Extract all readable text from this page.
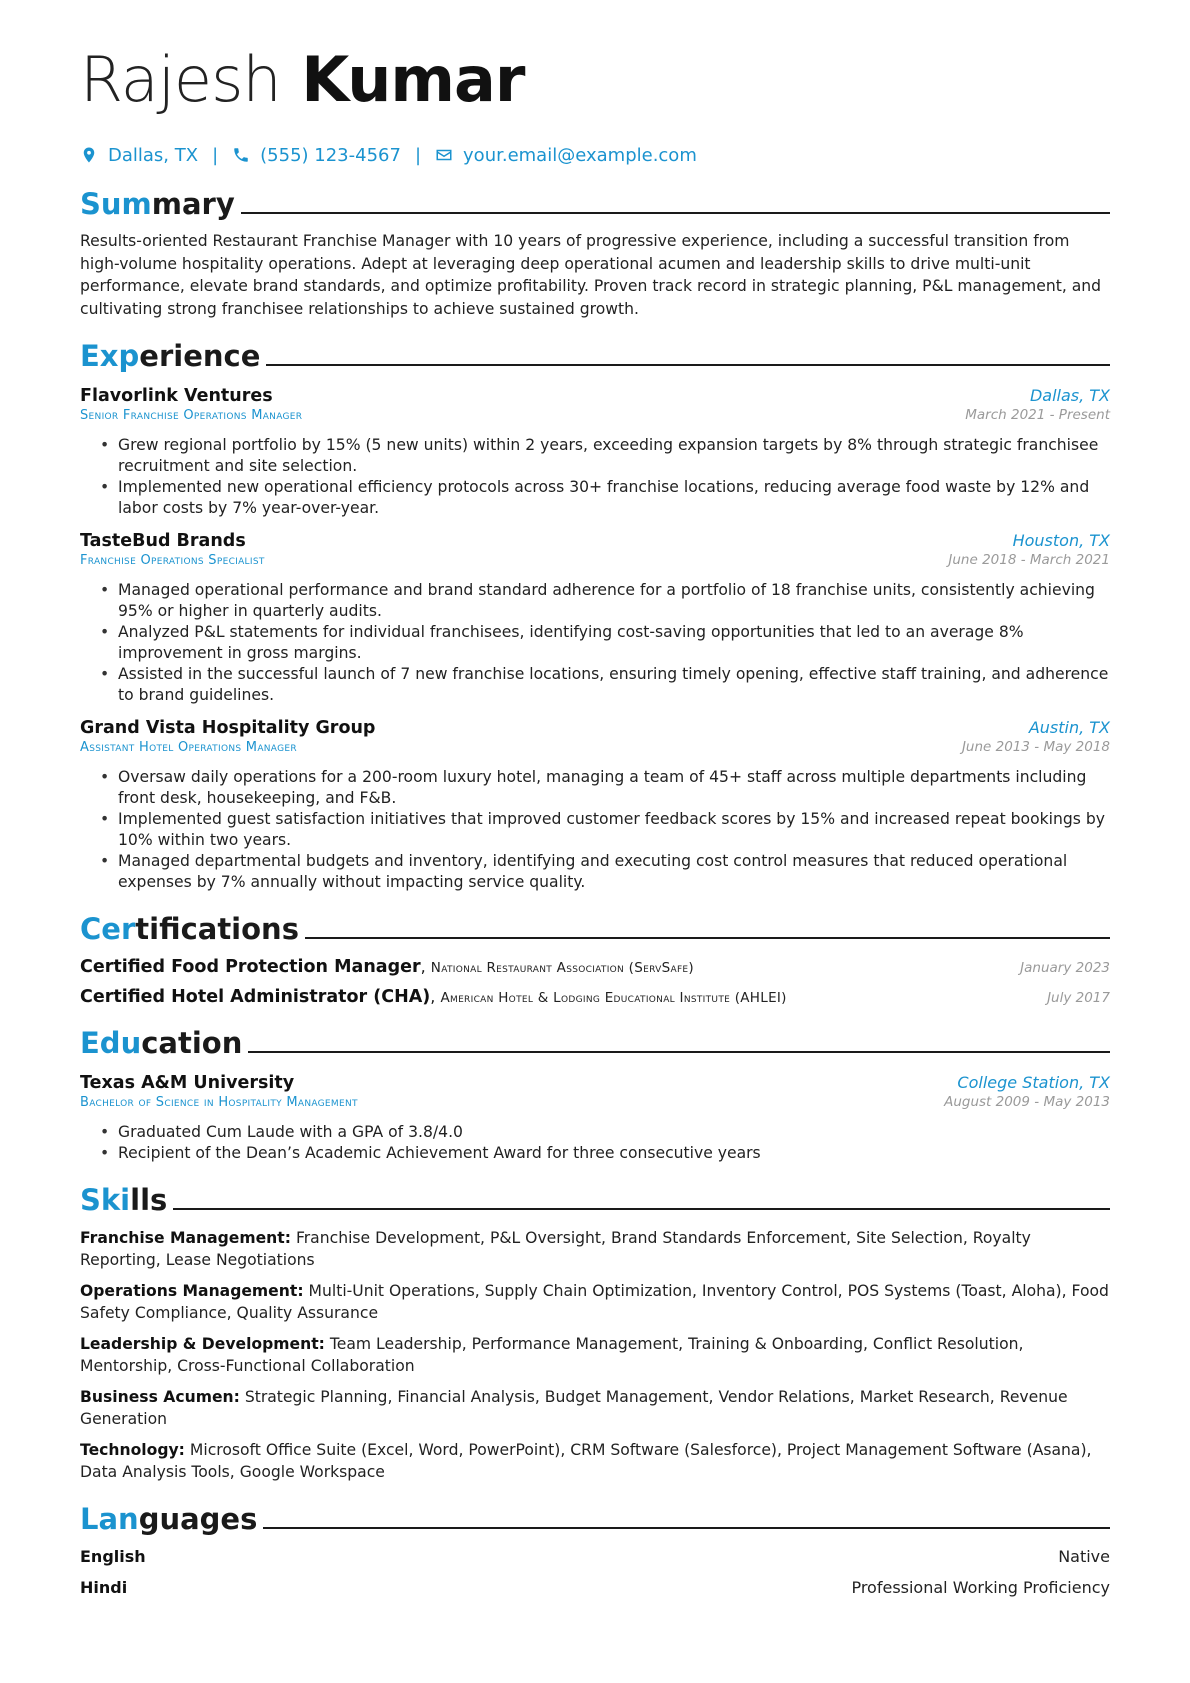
Rajesh Kumar
Dallas, TX | (555) 123-4567 | your.email@example.com
Summary
Results-oriented Restaurant Franchise Manager with 10 years of progressive experience, including a successful transition from high-volume hospitality operations. Adept at leveraging deep operational acumen and leadership skills to drive multi-unit performance, elevate brand standards, and optimize profitability. Proven track record in strategic planning, P&L management, and cultivating strong franchisee relationships to achieve sustained growth.
Experience
Flavorlink Ventures	Dallas, TX
Senior Franchise Operations Manager	March 2021 - Present
• Grew regional portfolio by 15% (5 new units) within 2 years, exceeding expansion targets by 8% through strategic franchisee recruitment and site selection.
• Implemented new operational efficiency protocols across 30+ franchise locations, reducing average food waste by 12% and labor costs by 7% year-over-year.
TasteBud Brands	Houston, TX
Franchise Operations Specialist	June 2018 - March 2021
• Managed operational performance and brand standard adherence for a portfolio of 18 franchise units, consistently achieving 95% or higher in quarterly audits.
• Analyzed P&L statements for individual franchisees, identifying cost-saving opportunities that led to an average 8% improvement in gross margins.
• Assisted in the successful launch of 7 new franchise locations, ensuring timely opening, effective staff training, and adherence to brand guidelines.
Grand Vista Hospitality Group	Austin, TX
Assistant Hotel Operations Manager	June 2013 - May 2018
• Oversaw daily operations for a 200-room luxury hotel, managing a team of 45+ staff across multiple departments including front desk, housekeeping, and F&B.
• Implemented guest satisfaction initiatives that improved customer feedback scores by 15% and increased repeat bookings by 10% within two years.
• Managed departmental budgets and inventory, identifying and executing cost control measures that reduced operational expenses by 7% annually without impacting service quality.
Certifications
Certified Food Protection Manager, National Restaurant Association (ServSafe)	January 2023
Certified Hotel Administrator (CHA), American Hotel & Lodging Educational Institute (AHLEI)	July 2017
Education
Texas A&M University	College Station, TX
Bachelor of Science in Hospitality Management	August 2009 - May 2013
• Graduated Cum Laude with a GPA of 3.8/4.0
• Recipient of the Dean’s Academic Achievement Award for three consecutive years
Skills
Franchise Management: Franchise Development, P&L Oversight, Brand Standards Enforcement, Site Selection, Royalty Reporting, Lease Negotiations
Operations Management: Multi-Unit Operations, Supply Chain Optimization, Inventory Control, POS Systems (Toast, Aloha), Food Safety Compliance, Quality Assurance
Leadership & Development: Team Leadership, Performance Management, Training & Onboarding, Conflict Resolution, Mentorship, Cross-Functional Collaboration
Business Acumen: Strategic Planning, Financial Analysis, Budget Management, Vendor Relations, Market Research, Revenue Generation
Technology: Microsoft Office Suite (Excel, Word, PowerPoint), CRM Software (Salesforce), Project Management Software (Asana), Data Analysis Tools, Google Workspace
Languages
English	Native
Hindi	Professional Working Proficiency
